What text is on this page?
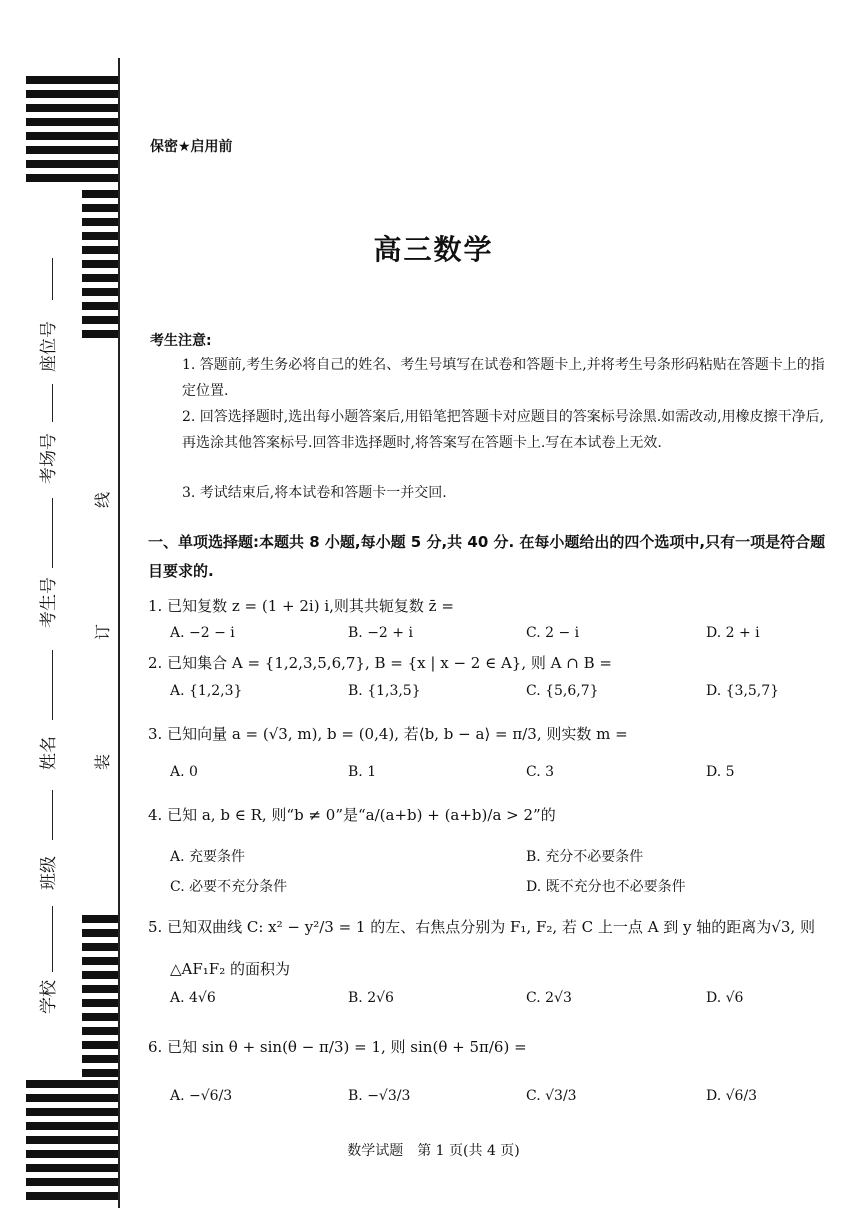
座位号
考场号
考生号
姓名
班级
学校
线
订
装
保密★启用前
高三数学
考生注意:
1. 答题前,考生务必将自己的姓名、考生号填写在试卷和答题卡上,并将考生号条形码粘贴在答题卡上的指定位置.
2. 回答选择题时,选出每小题答案后,用铅笔把答题卡对应题目的答案标号涂黑.如需改动,用橡皮擦干净后,再选涂其他答案标号.回答非选择题时,将答案写在答题卡上.写在本试卷上无效.
3. 考试结束后,将本试卷和答题卡一并交回.
一、单项选择题:本题共 8 小题,每小题 5 分,共 40 分. 在每小题给出的四个选项中,只有一项是符合题目要求的.
1. 已知复数 z = (1 + 2i) i,则其共轭复数 z̄ =
A. −2 − i	B. −2 + i	C. 2 − i	D. 2 + i
2. 已知集合 A = {1,2,3,5,6,7}, B = {x | x − 2 ∈ A}, 则 A ∩ B =
A. {1,2,3}	B. {1,3,5}	C. {5,6,7}	D. {3,5,7}
3. 已知向量 a = (√3, m), b = (0,4), 若⟨b, b − a⟩ = π/3, 则实数 m =
A. 0	B. 1	C. 3	D. 5
4. 已知 a, b ∈ R, 则“b ≠ 0”是“a/(a+b) + (a+b)/a > 2”的
A. 充要条件	B. 充分不必要条件
C. 必要不充分条件	D. 既不充分也不必要条件
5. 已知双曲线 C: x² − y²/3 = 1 的左、右焦点分别为 F₁, F₂, 若 C 上一点 A 到 y 轴的距离为√3, 则
△AF₁F₂ 的面积为
A. 4√6	B. 2√6	C. 2√3	D. √6
6. 已知 sin θ + sin(θ − π/3) = 1, 则 sin(θ + 5π/6) =
A. −√6/3	B. −√3/3	C. √3/3	D. √6/3
数学试题　第 1 页(共 4 页)
